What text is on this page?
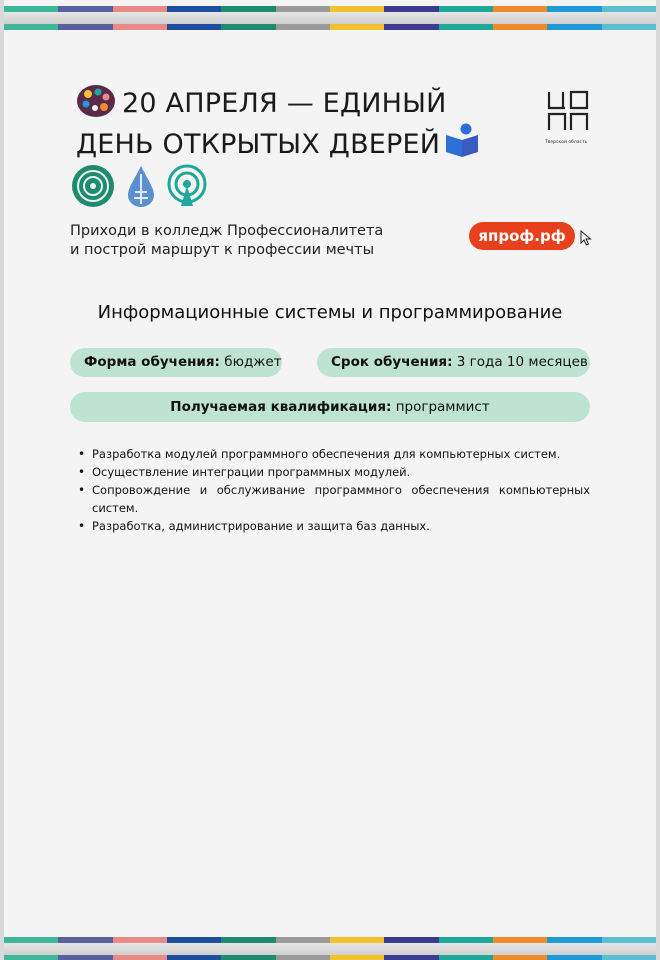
20 АПРЕЛЯ — ЕДИНЫЙ
ДЕНЬ ОТКРЫТЫХ ДВЕРЕЙ	Тверской область
Приходи в колледж Профессионалитета
и построй маршрут к профессии мечты
япроф.рф
Информационные системы и программирование
Форма обучения: бюджет	Срок обучения: 3 года 10 месяцев
Получаемая квалификация: программист
• Разработка модулей программного обеспечения для компьютерных систем.
• Осуществление интеграции программных модулей.
• Сопровождение и обслуживание программного обеспечения компьютерных систем.
• Разработка, администрирование и защита баз данных.
